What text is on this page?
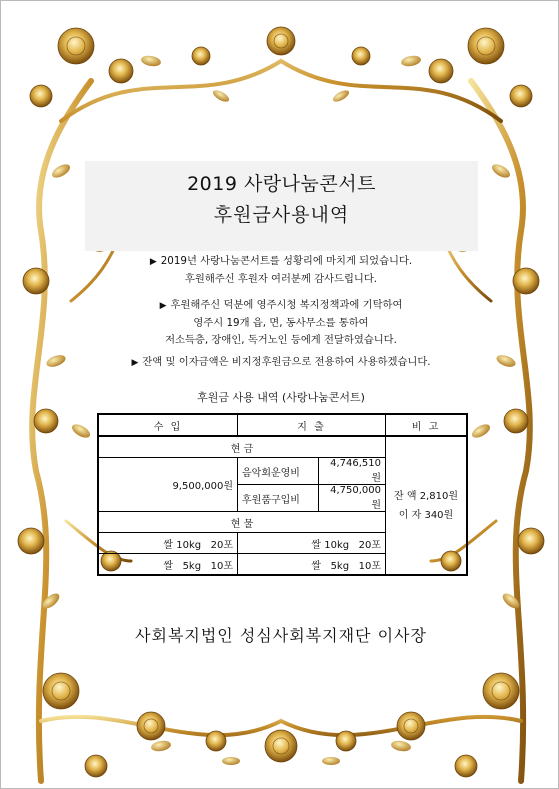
2019 사랑나눔콘서트
후원금사용내역
▶ 2019년 사랑나눔콘서트를 성황리에 마치게 되었습니다.
후원해주신 후원자 여러분께 감사드립니다.
▶ 후원해주신 덕분에 영주시청 복지정책과에 기탁하여
영주시 19개 읍, 면, 동사무소를 통하여
저소득층, 장애인, 독거노인 등에게 전달하였습니다.
▶ 잔액 및 이자금액은 비지정후원금으로 전용하여 사용하겠습니다.
후원금 사용 내역 (사랑나눔콘서트)
수 입	지 출		비 고
현 금			잔 액 2,810원
이 자 340원

9,500,000원	음악회운영비	4,746,510원	
	후원품구입비	4,750,000원	
현 물			
쌀 10kg   20포	쌀 10kg   20포		
쌀   5kg   10포	쌀   5kg   10포		
사회복지법인 성심사회복지재단 이사장
